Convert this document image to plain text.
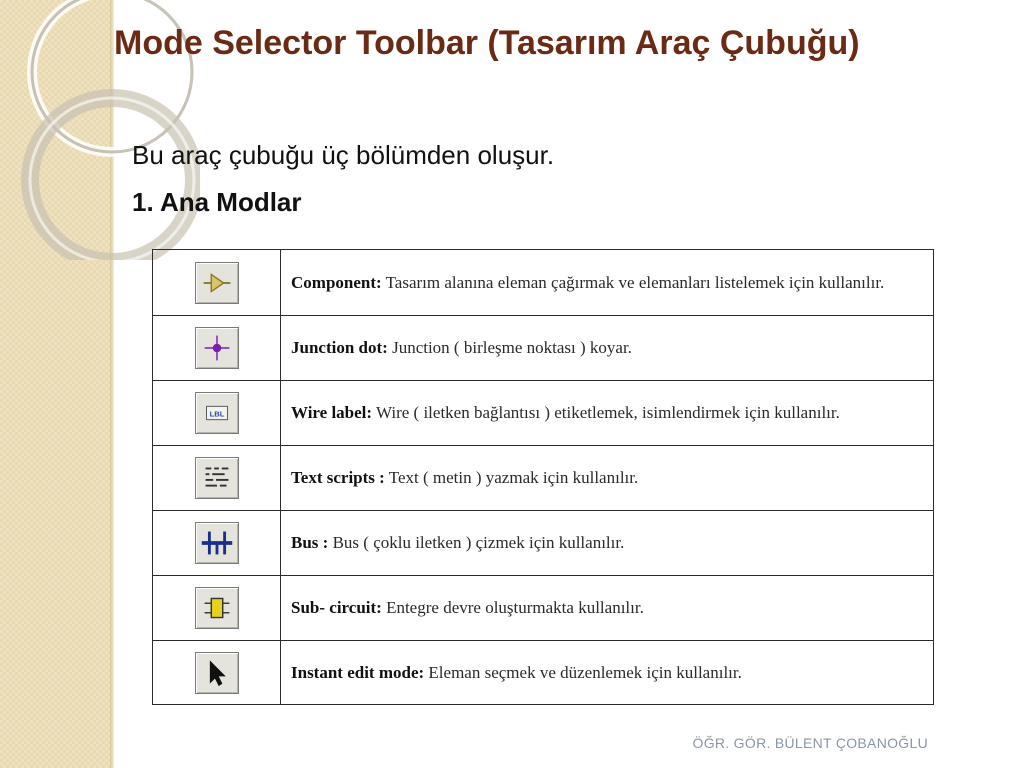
Mode Selector Toolbar (Tasarım Araç Çubuğu)

Bu araç çubuğu üç bölümden oluşur.

1. Ana Modlar

	Component: Tasarım alanına eleman çağırmak ve elemanları listelemek için kullanılır.

	Junction dot: Junction ( birleşme noktası ) koyar.

LBL	Wire label: Wire ( iletken bağlantısı ) etiketlemek, isimlendirmek için kullanılır.

	Text scripts : Text ( metin ) yazmak için kullanılır.

	Bus : Bus ( çoklu iletken ) çizmek için kullanılır.

	Sub- circuit: Entegre devre oluşturmakta kullanılır.

	Instant edit mode: Eleman seçmek ve düzenlemek için kullanılır.
ÖĞR. GÖR. BÜLENT ÇOBANOĞLU
